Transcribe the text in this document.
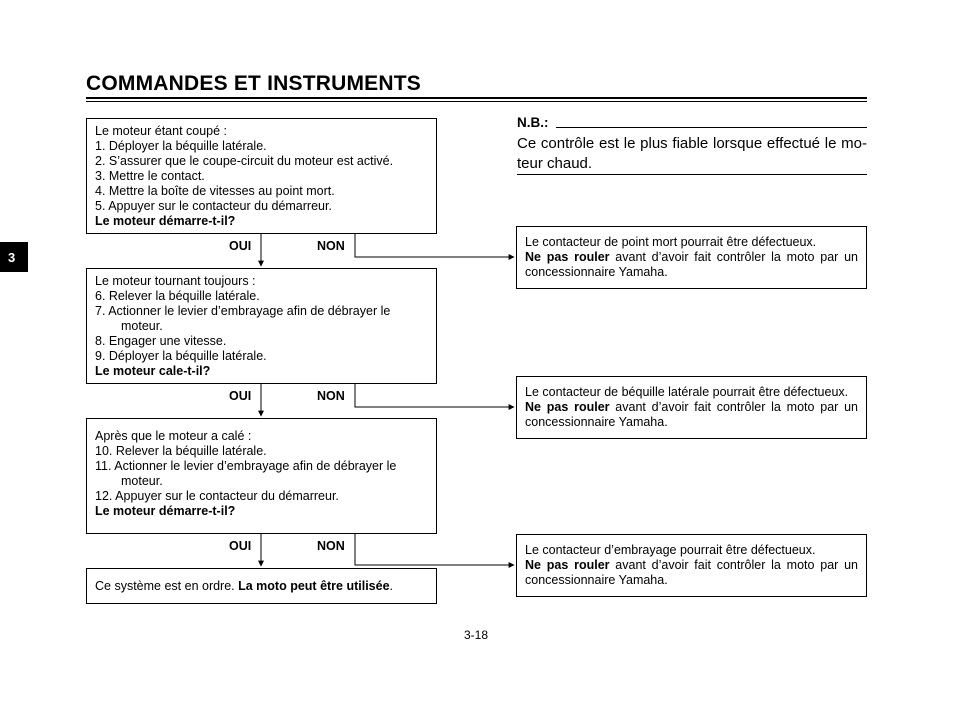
COMMANDES ET INSTRUMENTS
3
Le moteur étant coupé :
1. Déployer la béquille latérale.
2. S’assurer que le coupe-circuit du moteur est activé.
3. Mettre le contact.
4. Mettre la boîte de vitesses au point mort.
5. Appuyer sur le contacteur du démarreur.
Le moteur démarre-t-il?
Le moteur tournant toujours :
6. Relever la béquille latérale.
7. Actionner le levier d’embrayage afin de débrayer le
moteur.
8. Engager une vitesse.
9. Déployer la béquille latérale.
Le moteur cale-t-il?
Après que le moteur a calé :
10. Relever la béquille latérale.
11. Actionner le levier d’embrayage afin de débrayer le
moteur.
12. Appuyer sur le contacteur du démarreur.
Le moteur démarre-t-il?
Ce système est en ordre. La moto peut être utilisée.
OUI	NON
OUI	NON
OUI	NON
N.B.:
Ce contrôle est le plus fiable lorsque effectué le mo-teur chaud.
Le contacteur de point mort pourrait être défectueux.
Ne pas rouler avant d’avoir fait contrôler la moto par un concessionnaire Yamaha.
Le contacteur de béquille latérale pourrait être défectueux.
Ne pas rouler avant d’avoir fait contrôler la moto par un concessionnaire Yamaha.
Le contacteur d’embrayage pourrait être défectueux.
Ne pas rouler avant d’avoir fait contrôler la moto par un concessionnaire Yamaha.
3-18
